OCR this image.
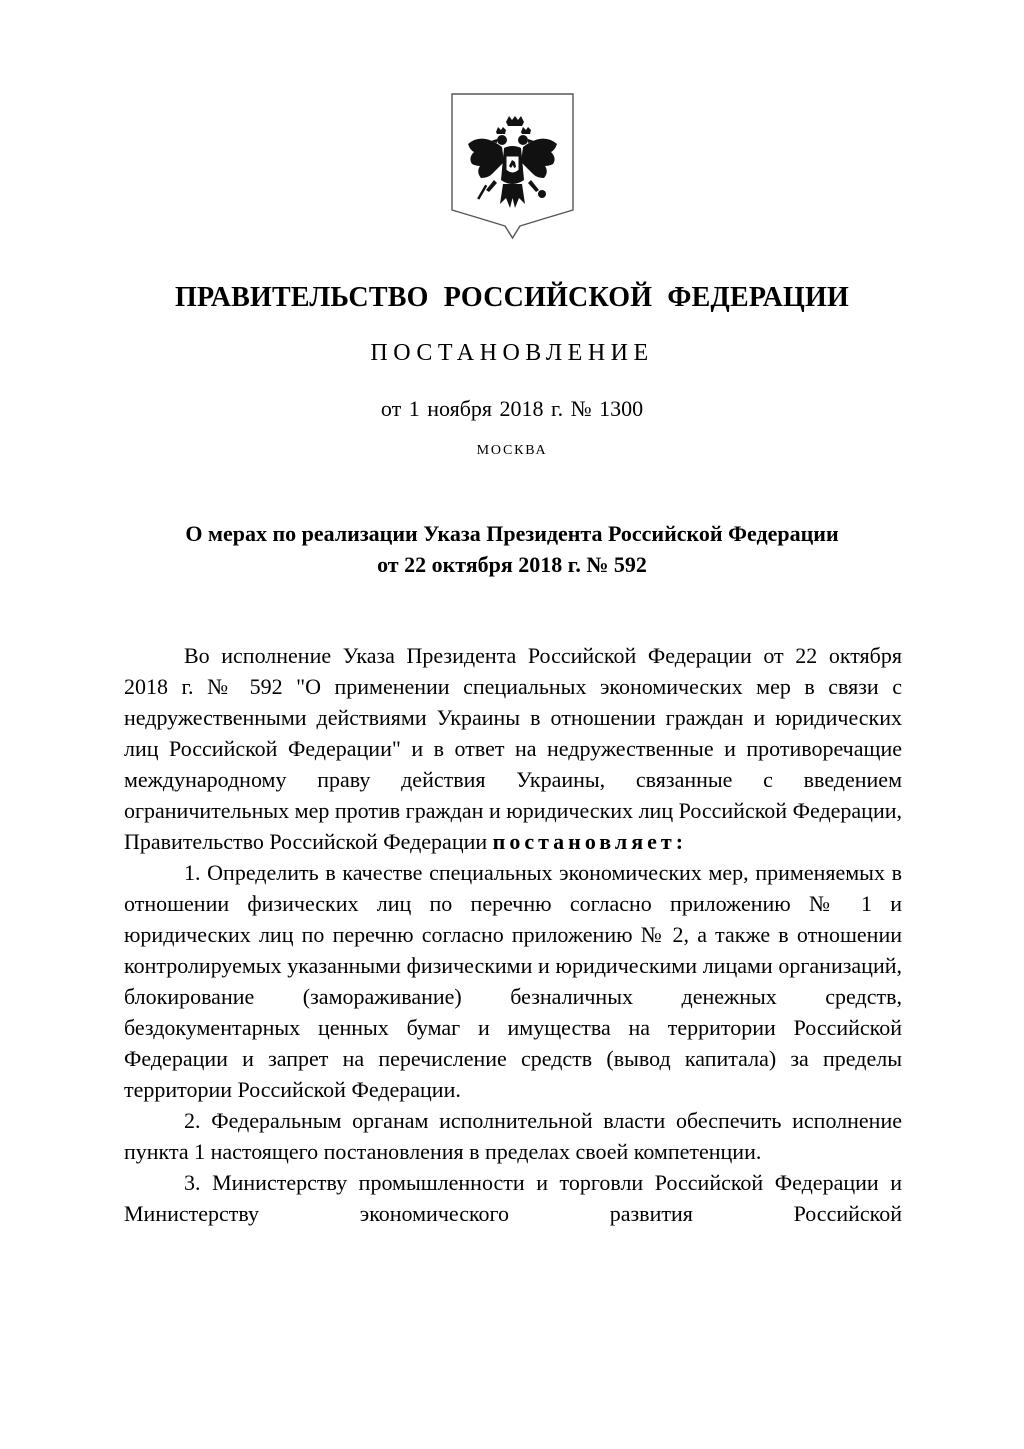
ПРАВИТЕЛЬСТВО РОССИЙСКОЙ ФЕДЕРАЦИИ
ПОСТАНОВЛЕНИЕ
от 1 ноября 2018 г. № 1300
МОСКВА
О мерах по реализации Указа Президента Российской Федерации
от 22 октября 2018 г. № 592

Во исполнение Указа Президента Российской Федерации от 22 октября 2018 г. № 592 "О применении специальных экономических мер в связи с недружественными действиями Украины в отношении граждан и юридических лиц Российской Федерации" и в ответ на недружественные и противоречащие международному праву действия Украины, связанные с введением ограничительных мер против граждан и юридических лиц Российской Федерации, Правительство Российской Федерации постановляет:

1. Определить в качестве специальных экономических мер, применяемых в отношении физических лиц по перечню согласно приложению № 1 и юридических лиц по перечню согласно приложению № 2, а также в отношении контролируемых указанными физическими и юридическими лицами организаций, блокирование (замораживание) безналичных денежных средств, бездокументарных ценных бумаг и имущества на территории Российской Федерации и запрет на перечисление средств (вывод капитала) за пределы территории Российской Федерации.

2. Федеральным органам исполнительной власти обеспечить исполнение пункта 1 настоящего постановления в пределах своей компетенции.

3. Министерству промышленности и торговли Российской Федерации и Министерству экономического развития Российской
